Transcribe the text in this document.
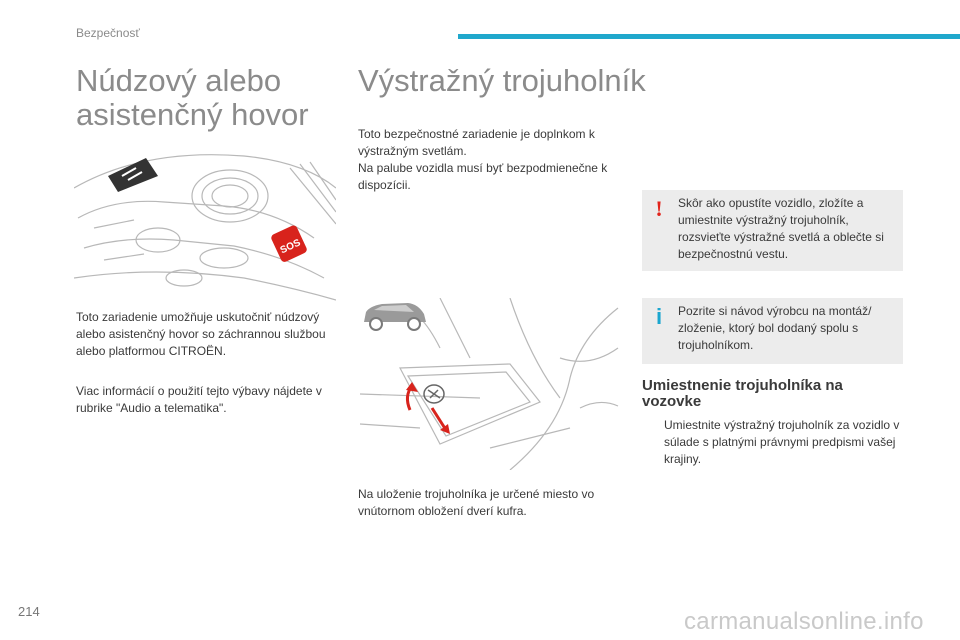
Bezpečnosť
Núdzový alebo
asistenčný hovor
SOS

Toto zariadenie umožňuje uskutočniť núdzový alebo asistenčný hovor so záchrannou službou alebo platformou CITROËN.

Viac informácií o použití tejto výbavy nájdete v rubrike "Audio a telematika".

Výstražný trojuholník
Toto bezpečnostné zariadenie je doplnkom k výstražným svetlám.
Na palube vozidla musí byť bezpodmienečne k dispozícii.

Na uloženie trojuholníka je určené miesto vo vnútornom obložení dverí kufra.

!	Skôr ako opustíte vozidlo, zložíte a umiestnite výstražný trojuholník, rozsvieťte výstražné svetlá a oblečte si bezpečnostnú vestu.
i	Pozrite si návod výrobcu na montáž/ zloženie, ktorý bol dodaný spolu s trojuholníkom.
Umiestnenie trojuholníka na vozovke
Umiestnite výstražný trojuholník za vozidlo v súlade s platnými právnymi predpismi vašej krajiny.
214	carmanualsonline.info
